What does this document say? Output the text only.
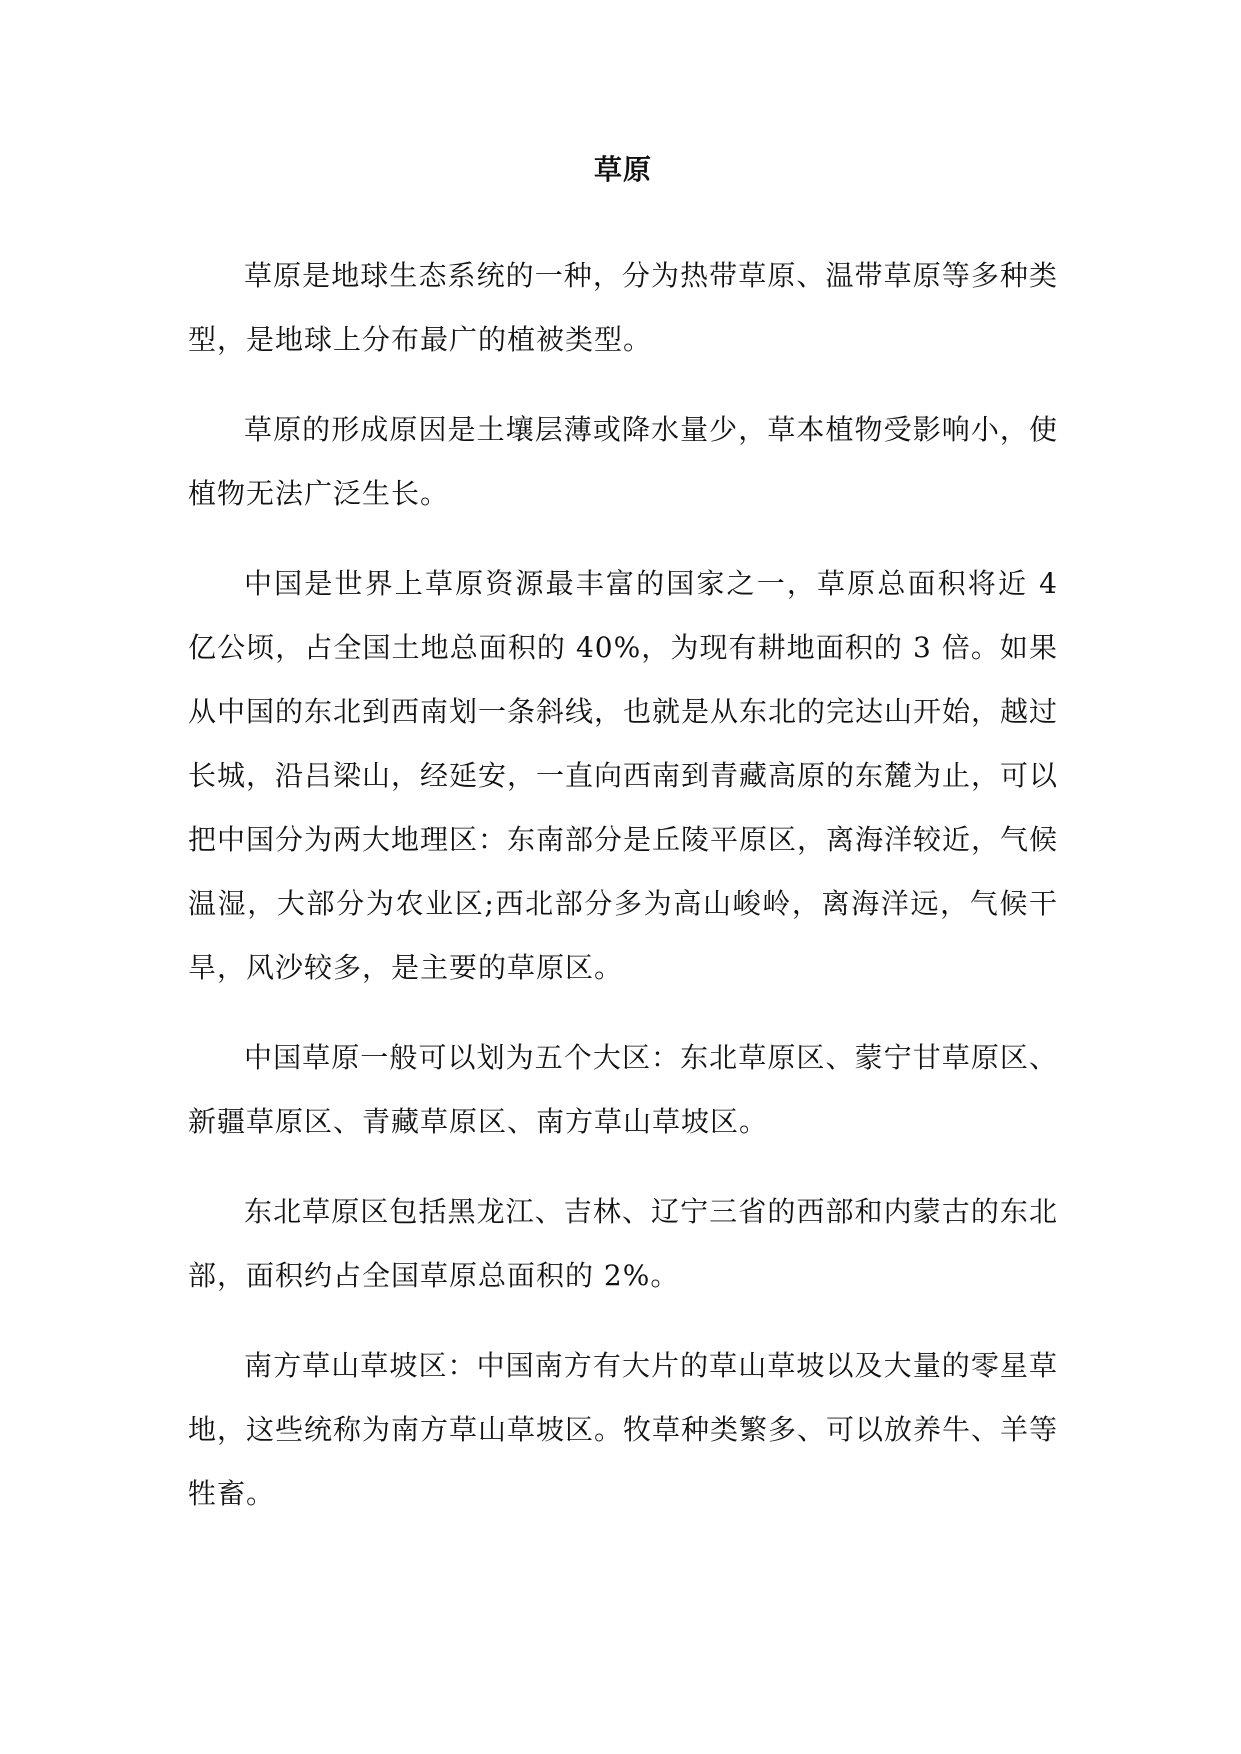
草原

草原是地球生态系统的一种，分为热带草原、温带草原等多种类型，是地球上分布最广的植被类型。

草原的形成原因是土壤层薄或降水量少，草本植物受影响小，使植物无法广泛生长。

中国是世界上草原资源最丰富的国家之一，草原总面积将近 4 亿公顷，占全国土地总面积的 40%，为现有耕地面积的 3 倍。如果从中国的东北到西南划一条斜线，也就是从东北的完达山开始，越过长城，沿吕梁山，经延安，一直向西南到青藏高原的东麓为止，可以把中国分为两大地理区：东南部分是丘陵平原区，离海洋较近，气候温湿，大部分为农业区;西北部分多为高山峻岭，离海洋远，气候干旱，风沙较多，是主要的草原区。

中国草原一般可以划为五个大区：东北草原区、蒙宁甘草原区、新疆草原区、青藏草原区、南方草山草坡区。

东北草原区包括黑龙江、吉林、辽宁三省的西部和内蒙古的东北部，面积约占全国草原总面积的 2%。

南方草山草坡区：中国南方有大片的草山草坡以及大量的零星草地，这些统称为南方草山草坡区。牧草种类繁多、可以放养牛、羊等牲畜。
